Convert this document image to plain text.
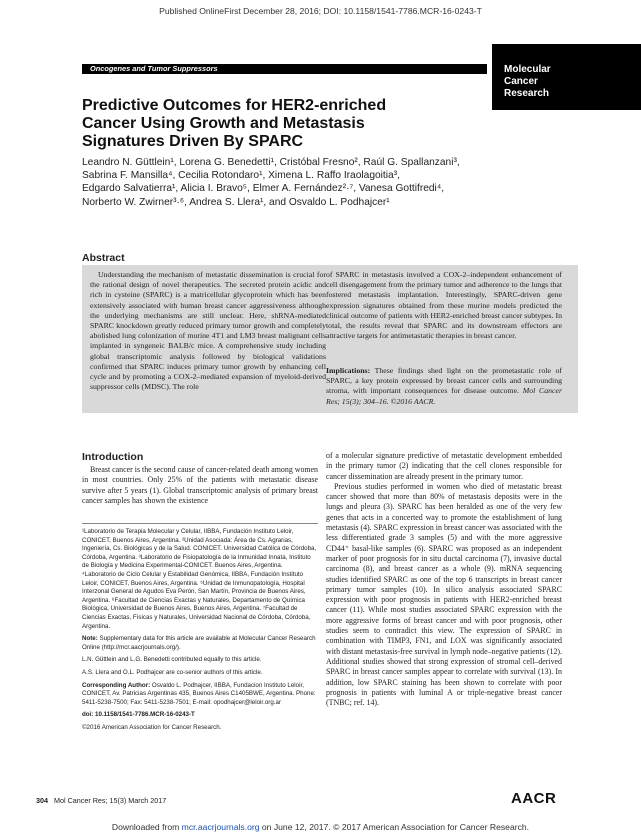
Published OnlineFirst December 28, 2016; DOI: 10.1158/1541-7786.MCR-16-0243-T
Molecular
Cancer
Research
Oncogenes and Tumor Suppressors
Predictive Outcomes for HER2-enriched
Cancer Using Growth and Metastasis
Signatures Driven By SPARC
Leandro N. Güttlein¹, Lorena G. Benedetti¹, Cristóbal Fresno², Raúl G. Spallanzani³,
Sabrina F. Mansilla⁴, Cecilia Rotondaro¹, Ximena L. Raffo Iraolagoitia³,
Edgardo Salvatierra¹, Alicia I. Bravo⁵, Elmer A. Fernández²·⁷, Vanesa Gottifredi⁴,
Norberto W. Zwirner³·⁶, Andrea S. Llera¹, and Osvaldo L. Podhajcer¹
Abstract
Understanding the mechanism of metastatic dissemination is crucial for the rational design of novel therapeutics. The secreted protein acidic and rich in cysteine (SPARC) is a matricellular glycoprotein which has been extensively associated with human breast cancer aggressiveness although the underlying mechanisms are still unclear. Here, shRNA-mediated SPARC knockdown greatly reduced primary tumor growth and completely abolished lung colonization of murine 4T1 and LM3 breast malignant cells implanted in syngeneic BALB/c mice. A comprehensive study including global transcriptomic analysis followed by biological validations confirmed that SPARC induces primary tumor growth by enhancing cell cycle and by promoting a COX-2–mediated expansion of myeloid-derived suppressor cells (MDSC). The role
of SPARC in metastasis involved a COX-2–independent enhancement of cell disengagement from the primary tumor and adherence to the lungs that fostered metastasis implantation. Interestingly, SPARC-driven gene expression signatures obtained from these murine models predicted the clinical outcome of patients with HER2-enriched breast cancer subtypes. In total, the results reveal that SPARC and its downstream effectors are attractive targets for antimetastatic therapies in breast cancer.
Implications: These findings shed light on the prometastatic role of SPARC, a key protein expressed by breast cancer cells and surrounding stroma, with important consequences for disease outcome. Mol Cancer Res; 15(3); 304–16. ©2016 AACR.
Introduction
Breast cancer is the second cause of cancer-related death among women in most countries. Only 25% of the patients with metastatic disease survive after 5 years (1). Global transcriptomic analysis of primary breast cancer samples has shown the existence

of a molecular signature predictive of metastatic development embedded in the primary tumor (2) indicating that the cell clones responsible for cancer dissemination are already present in the primary tumor.

Previous studies performed in women who died of metastatic breast cancer showed that more than 80% of metastasis deposits were in the lungs and pleura (3). SPARC has been heralded as one of the very few genes that acts in a concerted way to promote the establishment of lung metastasis (4). SPARC expression in breast cancer was associated with the less differentiated grade 3 samples (5) and with the more aggressive CD44⁺ basal-like samples (6). SPARC was proposed as an independent marker of poor prognosis for in situ ductal carcinoma (7), invasive ductal carcinoma (8), and breast cancer as a whole (9). mRNA sequencing studies identified SPARC as one of the top 6 transcripts in breast cancer primary tumor samples (10). In silico analysis associated SPARC expression with poor prognosis in patients with HER2-enriched breast cancer (11). While most studies associated SPARC expression with the more aggressive forms of breast cancer and with poor prognosis, other studies seem to contradict this view. The expression of SPARC in combination with TIMP3, FN1, and LOX was significantly associated with distant metastasis-free survival in lymph node–negative patients (12). Additional studies showed that strong expression of stromal cell–derived SPARC in breast cancer samples appear to correlate with survival (13). In addition, low SPARC staining has been shown to correlate with poor prognosis in patients with luminal A or triple-negative breast cancer (TNBC; ref. 14).

¹Laboratorio de Terapia Molecular y Celular, IIBBA, Fundación Instituto Leloir, CONICET, Buenos Aires, Argentina. ²Unidad Asociada: Área de Cs. Agrarias, Ingeniería, Cs. Biológicas y de la Salud. CONICET. Universidad Católica de Córdoba, Córdoba, Argentina. ³Laboratorio de Fisiopatología de la Inmunidad Innata, Instituto de Biología y Medicina Experimental-CONICET. Buenos Aires, Argentina. ⁴Laboratorio de Ciclo Celular y Estabilidad Genómica, IIBBA, Fundación Instituto Leloir, CONICET, Buenos Aires, Argentina. ⁵Unidad de Inmunopatología, Hospital Interzonal General de Agudos Eva Perón, San Martín, Provincia de Buenos Aires, Argentina. ⁶Facultad de Ciencias Exactas y Naturales, Departamento de Química Biológica, Universidad de Buenos Aires, Buenos Aires, Argentina. ⁷Facultad de Ciencias Exactas, Físicas y Naturales, Universidad Nacional de Córdoba, Córdoba, Argentina.

Note: Supplementary data for this article are available at Molecular Cancer Research Online (http://mcr.aacrjournals.org/).

L.N. Güttlein and L.G. Benedetti contributed equally to this article.

A.S. Llera and O.L. Podhajcer are co-senior authors of this article.

Corresponding Author: Osvaldo L. Podhajcer, IIBBA, Fundacion Instituto Leloir, CONICET, Av. Patricias Argentinas 435, Buenos Aires C1405BWE, Argentina. Phone: 5411-5238-7500; Fax: 5411-5238-7501; E-mail: opodhajcer@leloir.org.ar

doi: 10.1158/1541-7786.MCR-16-0243-T

©2016 American Association for Cancer Research.

304 Mol Cancer Res; 15(3) March 2017	AACR
Downloaded from mcr.aacrjournals.org on June 12, 2017. © 2017 American Association for Cancer Research.
